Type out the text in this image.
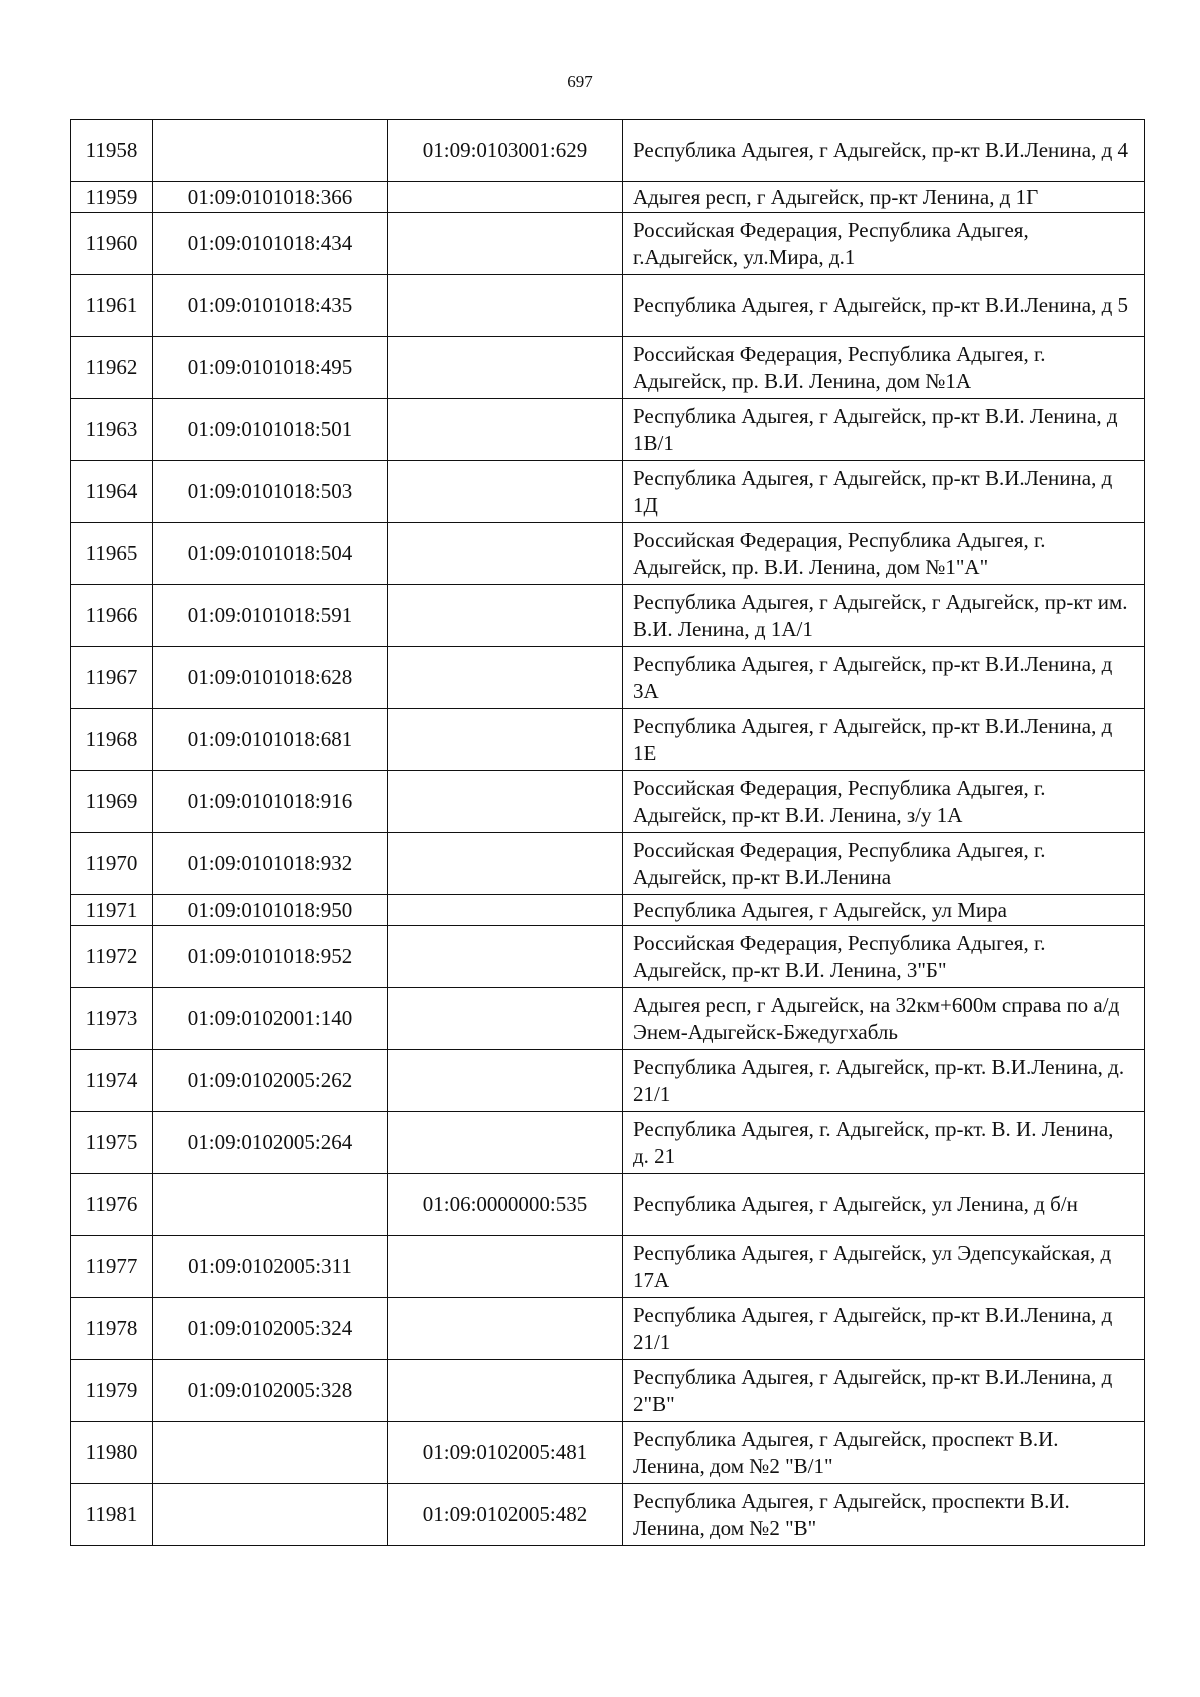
697
11958		01:09:0103001:629	Республика Адыгея, г Адыгейск, пр-кт В.И.Ленина, д 4
11959	01:09:0101018:366		Адыгея респ, г Адыгейск, пр-кт Ленина, д 1Г
11960	01:09:0101018:434		Российская Федерация, Республика Адыгея, г.Адыгейск, ул.Мира, д.1
11961	01:09:0101018:435		Республика Адыгея, г Адыгейск, пр-кт В.И.Ленина, д 5
11962	01:09:0101018:495		Российская Федерация, Республика Адыгея, г. Адыгейск, пр. В.И. Ленина, дом №1А
11963	01:09:0101018:501		Республика Адыгея, г Адыгейск, пр-кт В.И. Ленина, д 1В/1
11964	01:09:0101018:503		Республика Адыгея, г Адыгейск, пр-кт В.И.Ленина, д 1Д
11965	01:09:0101018:504		Российская Федерация, Республика Адыгея, г. Адыгейск, пр. В.И. Ленина, дом №1"А"
11966	01:09:0101018:591		Республика Адыгея, г Адыгейск, г Адыгейск, пр-кт им. В.И. Ленина, д 1А/1
11967	01:09:0101018:628		Республика Адыгея, г Адыгейск, пр-кт В.И.Ленина, д 3А
11968	01:09:0101018:681		Республика Адыгея, г Адыгейск, пр-кт В.И.Ленина, д 1Е
11969	01:09:0101018:916		Российская Федерация, Республика Адыгея, г. Адыгейск, пр-кт В.И. Ленина, з/у 1А
11970	01:09:0101018:932		Российская Федерация, Республика Адыгея, г. Адыгейск, пр-кт В.И.Ленина
11971	01:09:0101018:950		Республика Адыгея, г Адыгейск, ул Мира
11972	01:09:0101018:952		Российская Федерация, Республика Адыгея, г. Адыгейск, пр-кт В.И. Ленина, 3"Б"
11973	01:09:0102001:140		Адыгея респ, г Адыгейск, на 32км+600м справа по а/д Энем-Адыгейск-Бжедугхабль
11974	01:09:0102005:262		Республика Адыгея, г. Адыгейск, пр-кт. В.И.Ленина, д. 21/1
11975	01:09:0102005:264		Республика Адыгея, г. Адыгейск, пр-кт. В. И. Ленина, д. 21
11976		01:06:0000000:535	Республика Адыгея, г Адыгейск, ул Ленина, д б/н
11977	01:09:0102005:311		Республика Адыгея, г Адыгейск, ул Эдепсукайская, д 17А
11978	01:09:0102005:324		Республика Адыгея, г Адыгейск, пр-кт В.И.Ленина, д 21/1
11979	01:09:0102005:328		Республика Адыгея, г Адыгейск, пр-кт В.И.Ленина, д 2"В"
11980		01:09:0102005:481	Республика Адыгея, г Адыгейск, проспект В.И. Ленина, дом №2 "В/1"
11981		01:09:0102005:482	Республика Адыгея, г Адыгейск, проспекти В.И. Ленина, дом №2 "В"
